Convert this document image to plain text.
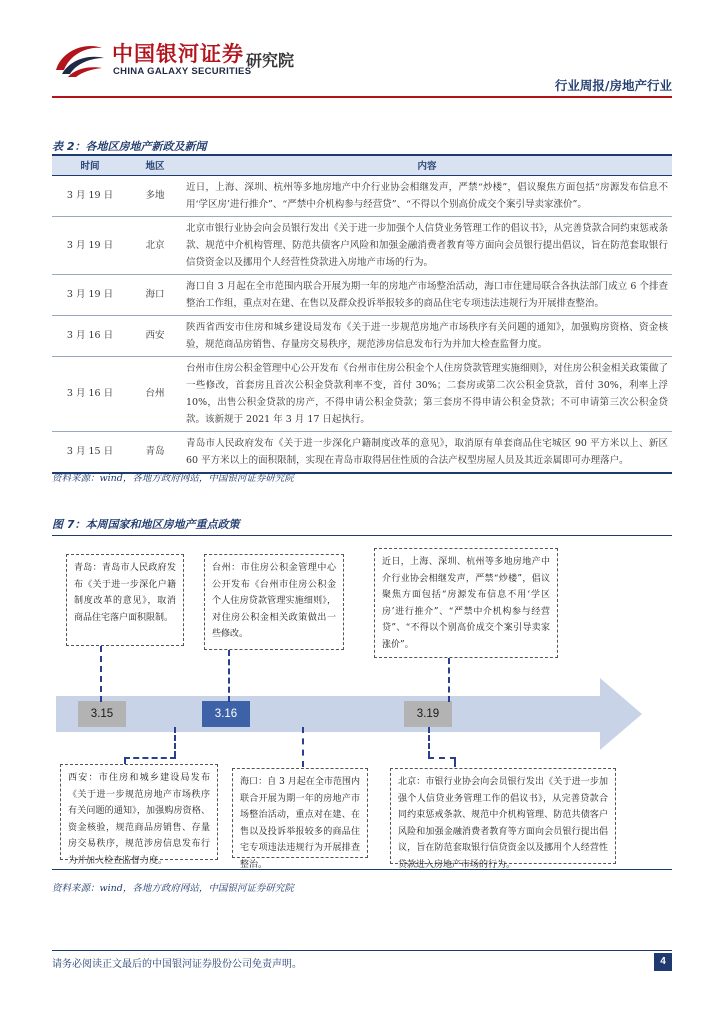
中国银河证券
CHINA GALAXY SECURITIES
研究院
行业周报/房地产行业
表 2：各地区房地产新政及新闻
时间	地区	内容
3 月 19 日	多地	近日，上海、深圳、杭州等多地房地产中介行业协会相继发声，严禁“炒楼”，倡议聚焦方面包括“房源发布信息不用‘学区房’进行推介”、“严禁中介机构参与经营贷”、“不得以个别高价成交个案引导卖家涨价”。
3 月 19 日	北京	北京市银行业协会向会员银行发出《关于进一步加强个人信贷业务管理工作的倡议书》，从完善贷款合同约束惩戒条款、规范中介机构管理、防范共债客户风险和加强金融消费者教育等方面向会员银行提出倡议，旨在防范套取银行信贷资金以及挪用个人经营性贷款进入房地产市场的行为。
3 月 19 日	海口	海口自 3 月起在全市范围内联合开展为期一年的房地产市场整治活动，海口市住建局联合各执法部门成立 6 个排查整治工作组，重点对在建、在售以及群众投诉举报较多的商品住宅专项违法违规行为开展排查整治。
3 月 16 日	西安	陕西省西安市住房和城乡建设局发布《关于进一步规范房地产市场秩序有关问题的通知》，加强购房资格、资金核验，规范商品房销售、存量房交易秩序，规范涉房信息发布行为并加大检查监督力度。
3 月 16 日	台州	台州市住房公积金管理中心公开发布《台州市住房公积金个人住房贷款管理实施细则》，对住房公积金相关政策做了一些修改，首套房且首次公积金贷款利率不变，首付 30%；二套房或第二次公积金贷款，首付 30%，利率上浮 10%，出售公积金贷款的房产，不得申请公积金贷款；第三套房不得申请公积金贷款；不可申请第三次公积金贷款。该新规于 2021 年 3 月 17 日起执行。
3 月 15 日	青岛	青岛市人民政府发布《关于进一步深化户籍制度改革的意见》，取消原有单套商品住宅城区 90 平方米以上、新区 60 平方米以上的面积限制，实现在青岛市取得居住性质的合法产权型房屋人员及其近亲属即可办理落户。
资料来源：wind，各地方政府网站，中国银河证券研究院
图 7：本周国家和地区房地产重点政策
3.15	3.16	3.19
青岛：青岛市人民政府发布《关于进一步深化户籍制度改革的意见》，取消商品住宅落户面积限制。
台州：市住房公积金管理中心公开发布《台州市住房公积金个人住房贷款管理实施细则》，对住房公积金相关政策做出一些修改。
近日，上海、深圳、杭州等多地房地产中介行业协会相继发声，严禁“炒楼”，倡议聚焦方面包括“房源发布信息不用‘学区房’进行推介”、“严禁中介机构参与经营贷”、“不得以个别高价成交个案引导卖家涨价”。
西安：市住房和城乡建设局发布《关于进一步规范房地产市场秩序有关问题的通知》，加强购房资格、资金核验，规范商品房销售、存量房交易秩序，规范涉房信息发布行为并加大检查监督力度。
海口：自 3 月起在全市范围内联合开展为期一年的房地产市场整治活动，重点对在建、在售以及投诉举报较多的商品住宅专项违法违规行为开展排查整治。
北京：市银行业协会向会员银行发出《关于进一步加强个人信贷业务管理工作的倡议书》，从完善贷款合同约束惩戒条款、规范中介机构管理、防范共债客户风险和加强金融消费者教育等方面向会员银行提出倡议，旨在防范套取银行信贷资金以及挪用个人经营性贷款进入房地产市场的行为。
资料来源：wind，各地方政府网站，中国银河证券研究院
请务必阅读正文最后的中国银河证券股份公司免责声明。	4
